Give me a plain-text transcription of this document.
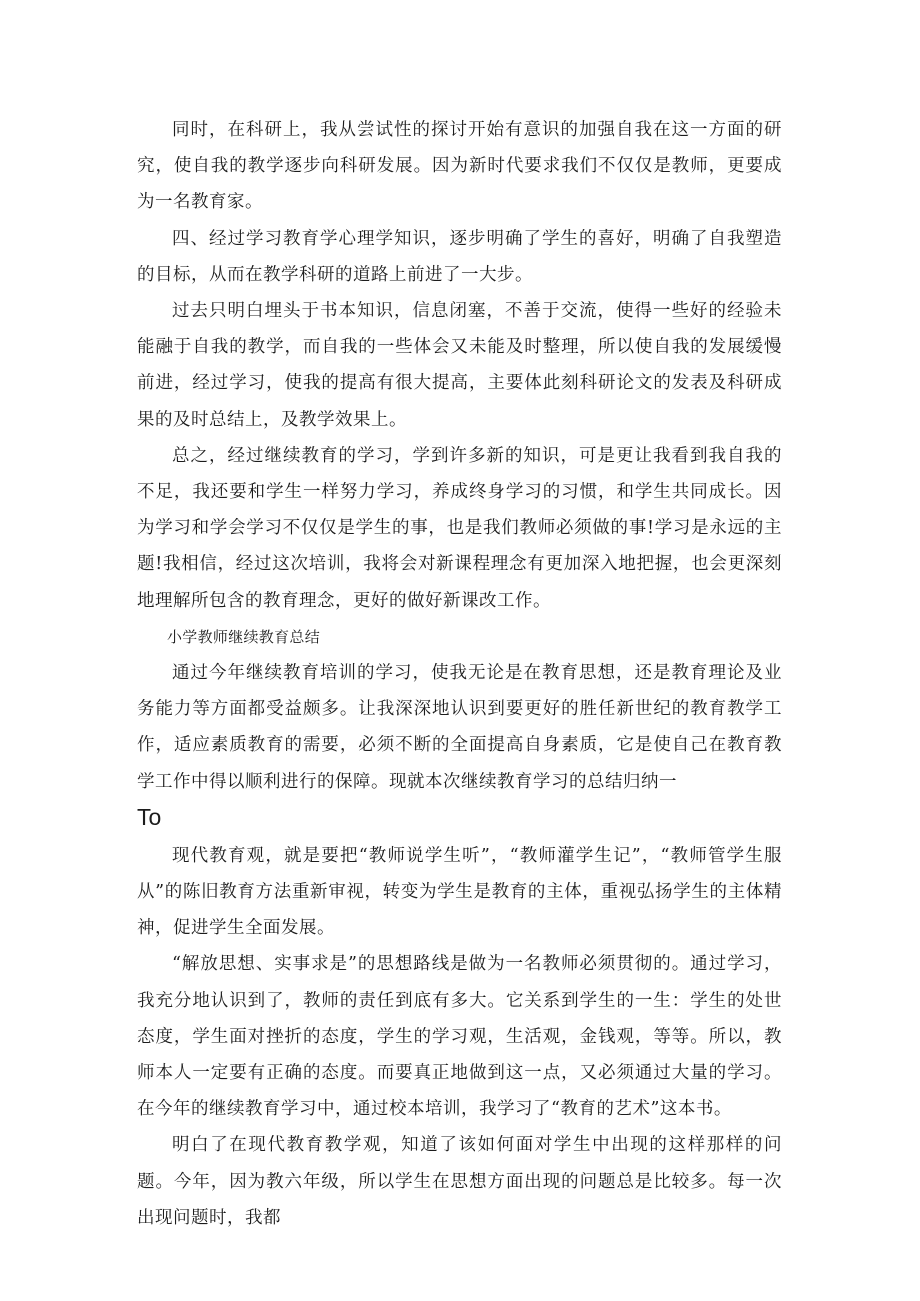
同时，在科研上，我从尝试性的探讨开始有意识的加强自我在这一方面的研究，使自我的教学逐步向科研发展。因为新时代要求我们不仅仅是教师，更要成为一名教育家。

四、经过学习教育学心理学知识，逐步明确了学生的喜好，明确了自我塑造的目标，从而在教学科研的道路上前进了一大步。

过去只明白埋头于书本知识，信息闭塞，不善于交流，使得一些好的经验未能融于自我的教学，而自我的一些体会又未能及时整理，所以使自我的发展缓慢前进，经过学习，使我的提高有很大提高，主要体此刻科研论文的发表及科研成果的及时总结上，及教学效果上。

总之，经过继续教育的学习，学到许多新的知识，可是更让我看到我自我的不足，我还要和学生一样努力学习，养成终身学习的习惯，和学生共同成长。因为学习和学会学习不仅仅是学生的事，也是我们教师必须做的事!学习是永远的主题!我相信，经过这次培训，我将会对新课程理念有更加深入地把握，也会更深刻地理解所包含的教育理念，更好的做好新课改工作。

小学教师继续教育总结

通过今年继续教育培训的学习，使我无论是在教育思想，还是教育理论及业务能力等方面都受益颇多。让我深深地认识到要更好的胜任新世纪的教育教学工作，适应素质教育的需要，必须不断的全面提高自身素质，它是使自己在教育教学工作中得以顺利进行的保障。现就本次继续教育学习的总结归纳一

To

现代教育观，就是要把“教师说学生听”，“教师灌学生记”，“教师管学生服从”的陈旧教育方法重新审视，转变为学生是教育的主体，重视弘扬学生的主体精神，促进学生全面发展。

“解放思想、实事求是”的思想路线是做为一名教师必须贯彻的。通过学习，我充分地认识到了，教师的责任到底有多大。它关系到学生的一生：学生的处世态度，学生面对挫折的态度，学生的学习观，生活观，金钱观，等等。所以，教师本人一定要有正确的态度。而要真正地做到这一点，又必须通过大量的学习。在今年的继续教育学习中，通过校本培训，我学习了“教育的艺术”这本书。

明白了在现代教育教学观，知道了该如何面对学生中出现的这样那样的问题。今年，因为教六年级，所以学生在思想方面出现的问题总是比较多。每一次出现问题时，我都
